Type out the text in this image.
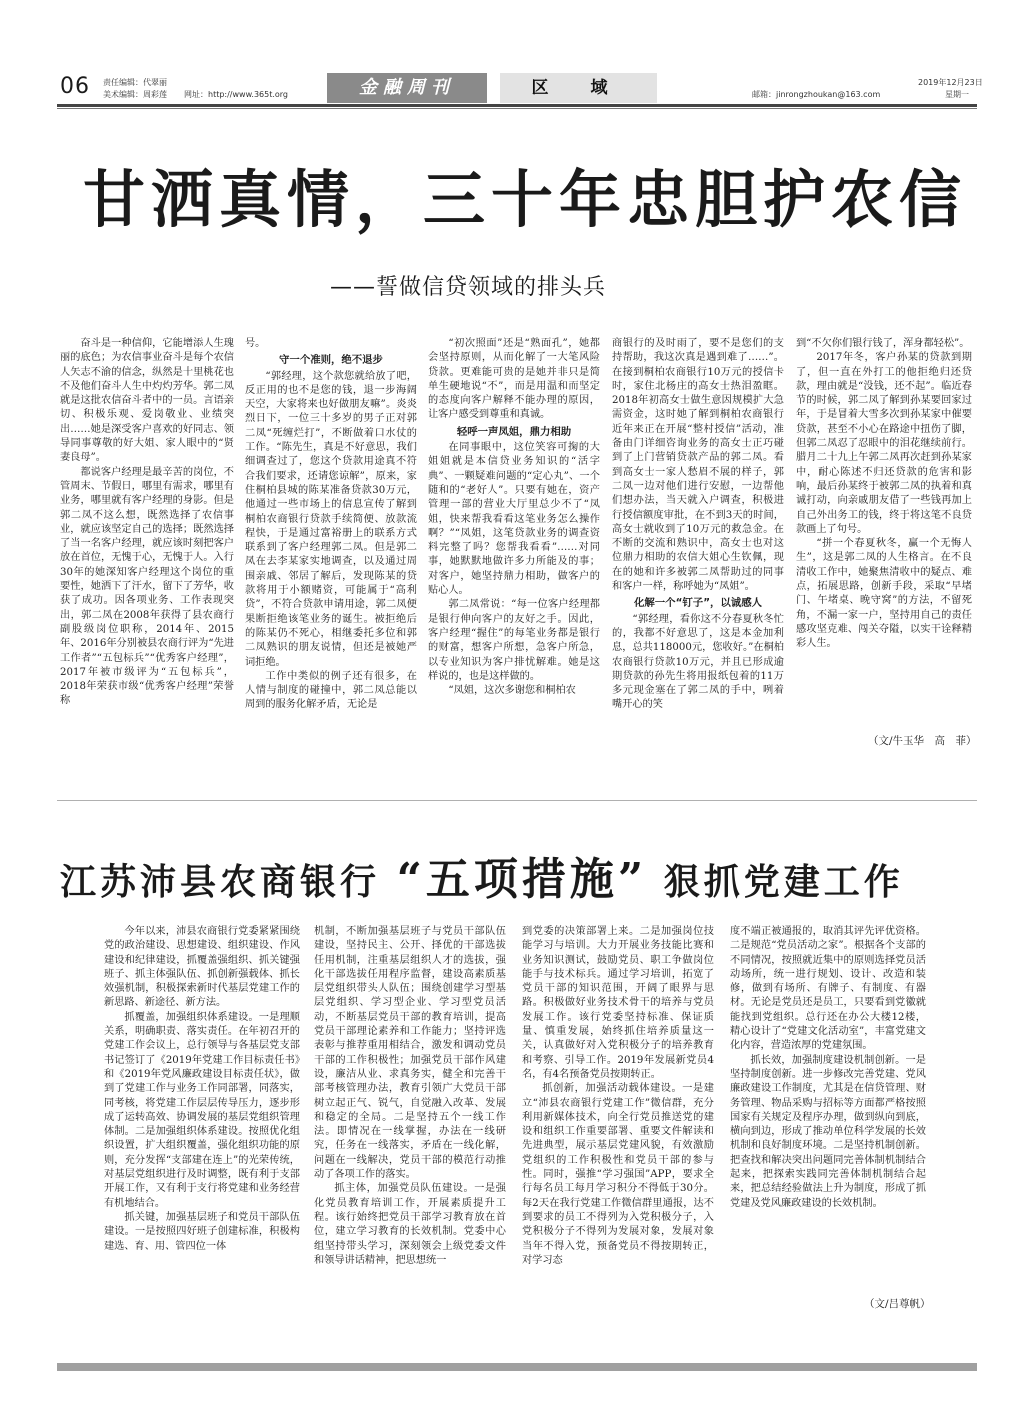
06 责任编辑：代翠丽
美术编辑：周彩莲 网址：http://www.365t.org	金融周刊	区 域	邮箱：jinrongzhoukan@163.com
2019年12月23日
星期一
甘洒真情，三十年忠胆护农信
——誓做信贷领域的排头兵

奋斗是一种信仰，它能增添人生瑰丽的底色；为农信事业奋斗是每个农信人矢志不渝的信念，纵然是十里桃花也不及他们奋斗人生中灼灼芳华。郭二凤就是这批农信奋斗者中的一员。言语亲切、积极乐观、爱岗敬业、业绩突出……她是深受客户喜欢的好同志、领导同事尊敬的好大姐、家人眼中的“贤妻良母”。

都说客户经理是最辛苦的岗位，不管周末、节假日，哪里有需求，哪里有业务，哪里就有客户经理的身影。但是郭二凤不这么想，既然选择了农信事业，就应该坚定自己的选择；既然选择了当一名客户经理，就应该时刻把客户放在首位，无愧于心，无愧于人。入行30年的她深知客户经理这个岗位的重要性，她洒下了汗水，留下了芳华，收获了成功。因各项业务、工作表现突出，郭二凤在2008年获得了县农商行副股级岗位职称，2014年、2015年、2016年分别被县农商行评为“先进工作者”“五包标兵”“优秀客户经理”，2017年被市级评为“五包标兵”，2018年荣获市级“优秀客户经理”荣誉称

号。

守一个准则，绝不退步

“郭经理，这个款您就给放了吧，反正用的也不是您的钱，退一步海阔天空，大家将来也好做朋友嘛”。炎炎烈日下，一位三十多岁的男子正对郭二凤“死缠烂打”，不断做着口水仗的工作。“陈先生，真是不好意思，我们细调查过了，您这个贷款用途真不符合我们要求，还请您谅解”，原来，家住桐柏县城的陈某准备贷款30万元，他通过一些市场上的信息宣传了解到桐柏农商银行贷款手续简便、放款流程快，于是通过富裕册上的联系方式联系到了客户经理郭二凤。但是郭二凤在去李某家实地调查，以及通过周围亲戚、邻居了解后，发现陈某的贷款将用于小额赌资，可能属于“高利贷”，不符合贷款申请用途，郭二凤便果断拒绝该笔业务的诞生。被拒绝后的陈某仍不死心，相继委托多位和郭二凤熟识的朋友说情，但还是被她严词拒绝。

工作中类似的例子还有很多，在人情与制度的碰撞中，郭二凤总能以周到的服务化解矛盾，无论是

“初次照面”还是“熟面孔”，她都会坚持原则，从而化解了一大笔风险贷款。更难能可贵的是她并非只是简单生硬地说“不”，而是用温和而坚定的态度向客户解释不能办理的原因，让客户感受到尊重和真诚。

轻呼一声凤姐，鼎力相助

在同事眼中，这位笑容可掬的大姐姐就是本信贷业务知识的“活字典”、一颗疑难问题的“定心丸”、一个随和的“老好人”。只要有她在，资产管理一部的营业大厅里总少不了“凤姐，快来帮我看看这笔业务怎么操作啊？”“凤姐，这笔贷款业务的调查资料完整了吗？您帮我看看”……对同事，她默默地做许多力所能及的事；对客户，她坚持鼎力相助，做客户的贴心人。

郭二凤常说：“每一位客户经理都是银行伸向客户的友好之手。因此，客户经理“握住”的每笔业务都是银行的财富，想客户所想，急客户所急，以专业知识为客户排忧解难。她是这样说的，也是这样做的。

“凤姐，这次多谢您和桐柏农

商银行的及时雨了，要不是您们的支持帮助，我这次真是遇到难了……”。在接到桐柏农商银行10万元的授信卡时，家住北杨庄的高女士热泪盈眶。2018年初高女士做生意因规模扩大急需资金，这时她了解到桐柏农商银行近年来正在开展“整村授信”活动，准备由门详细咨询业务的高女士正巧碰到了上门营销贷款产品的郭二凤。看到高女士一家人愁眉不展的样子，郭二凤一边对他们进行安慰，一边帮他们想办法，当天就入户调查，积极进行授信额度审批，在不到3天的时间，高女士就收到了10万元的救急金。在不断的交流和熟识中，高女士也对这位鼎力相助的农信大姐心生钦佩，现在的她和许多被郭二凤帮助过的同事和客户一样，称呼她为“凤姐”。

化解一个“钉子”，以诚感人

“郭经理，看你这不分春夏秋冬忙的，我都不好意思了，这是本金加利息，总共118000元，您收好。”在桐柏农商银行贷款10万元，并且已形成逾期贷款的孙先生将用报纸包着的11万多元现金塞在了郭二凤的手中，咧着嘴开心的笑

到“不欠你们银行钱了，浑身都轻松”。

2017年冬，客户孙某的贷款到期了，但一直在外打工的他拒绝归还贷款，理由就是“没钱，还不起”。临近春节的时候，郭二凤了解到孙某要回家过年，于是冒着大雪多次到孙某家中催要贷款，甚至不小心在路途中扭伤了脚，但郭二凤忍了忍眼中的泪花继续前行。腊月二十九上午郭二凤再次赶到孙某家中，耐心陈述不归还贷款的危害和影响，最后孙某终于被郭二凤的执着和真诚打动，向亲戚朋友借了一些钱再加上自己外出务工的钱，终于将这笔不良贷款画上了句号。

“拼一个春夏秋冬，赢一个无悔人生”，这是郭二凤的人生格言。在不良清收工作中，她聚焦清收中的疑点、难点，拓展思路，创新手段，采取“早堵门、午堵桌、晚守窝”的方法，不留死角，不漏一家一户，坚持用自己的责任感攻坚克难、闯关夺隘，以实干诠释精彩人生。

（文/牛玉华　高　菲）
江苏沛县农商银行 “五项措施” 狠抓党建工作

今年以来，沛县农商银行党委紧紧围绕党的政治建设、思想建设、组织建设、作风建设和纪律建设，抓覆盖强组织、抓关键强班子、抓主体强队伍、抓创新强载体、抓长效强机制，积极探索新时代基层党建工作的新思路、新途径、新方法。

抓覆盖，加强组织体系建设。一是理顺关系，明确职责、落实责任。在年初召开的党建工作会议上，总行领导与各基层党支部书记签订了《2019年党建工作目标责任书》和《2019年党风廉政建设目标责任状》，做到了党建工作与业务工作同部署，同落实，同考核，将党建工作层层传导压力，逐步形成了运转高效、协调发展的基层党组织管理体制。二是加强组织体系建设。按照优化组织设置，扩大组织覆盖，强化组织功能的原则，充分发挥“支部建在连上”的光荣传统，对基层党组织进行及时调整，既有利于支部开展工作，又有利于支行将党建和业务经营有机地结合。

抓关键，加强基层班子和党员干部队伍建设。一是按照四好班子创建标准，积极构建选、育、用、管四位一体

机制，不断加强基层班子与党员干部队伍建设，坚持民主、公开、择优的干部选拔任用机制，注重基层组织人才的选拔，强化干部选拔任用程序监督，建设高素质基层党组织带头人队伍；围绕创建学习型基层党组织、学习型企业、学习型党员活动，不断基层党员干部的教育培训，提高党员干部理论素养和工作能力；坚持评选表彰与推荐重用相结合，激发和调动党员干部的工作积极性；加强党员干部作风建设，廉洁从业、求真务实，健全和完善干部考核管理办法，教育引领广大党员干部树立起正气、锐气，自觉融入改革、发展和稳定的全局。二是坚持五个一线工作法。即情况在一线掌握，办法在一线研究，任务在一线落实，矛盾在一线化解，问题在一线解决，党员干部的模范行动推动了各项工作的落实。

抓主体，加强党员队伍建设。一是强化党员教育培训工作，开展素质提升工程。该行始终把党员干部学习教育放在首位，建立学习教育的长效机制。党委中心组坚持带头学习，深刻领会上级党委文件和领导讲话精神，把思想统一

到党委的决策部署上来。二是加强岗位技能学习与培训。大力开展业务技能比赛和业务知识测试，鼓励党员、职工争做岗位能手与技术标兵。通过学习培训，拓宽了党员干部的知识范围，开阔了眼界与思路。积极做好业务技术骨干的培养与党员发展工作。该行党委坚持标准、保证质量、慎重发展，始终抓住培养质量这一关，认真做好对入党积极分子的培养教育和考察、引导工作。2019年发展新党员4名，有4名预备党员按期转正。

抓创新，加强活动载体建设。一是建立“沛县农商银行党建工作”微信群，充分利用新媒体技术，向全行党员推送党的建设和组织工作重要部署、重要文件解读和先进典型，展示基层党建风貌，有效激励党组织的工作积极性和党员干部的参与性。同时，强推“学习强国”APP，要求全行每名员工每月学习积分不得低于30分。每2天在我行党建工作微信群里通报，达不到要求的员工不得列为入党积极分子，入党积极分子不得列为发展对象，发展对象当年不得入党，预备党员不得按期转正，对学习态

度不端正被通报的，取消其评先评优资格。二是规范“党员活动之家”。根据各个支部的不同情况，按照就近集中的原则选择党员活动场所，统一进行规划、设计、改造和装修，做到有场所、有牌子、有制度、有器材。无论是党员还是员工，只要看到党徽就能找到党组织。总行还在办公大楼12楼，精心设计了“党建文化活动室”，丰富党建文化内容，营造浓厚的党建氛围。

抓长效，加强制度建设机制创新。一是坚持制度创新。进一步修改完善党建、党风廉政建设工作制度，尤其是在信贷管理、财务管理、物品采购与招标等方面都严格按照国家有关规定及程序办理，做到纵向到底，横向到边，形成了推动单位科学发展的长效机制和良好制度环境。二是坚持机制创新。把查找和解决突出问题同完善体制机制结合起来，把探索实践同完善体制机制结合起来，把总结经验做法上升为制度，形成了抓党建及党风廉政建设的长效机制。

（文/吕尊帆）
